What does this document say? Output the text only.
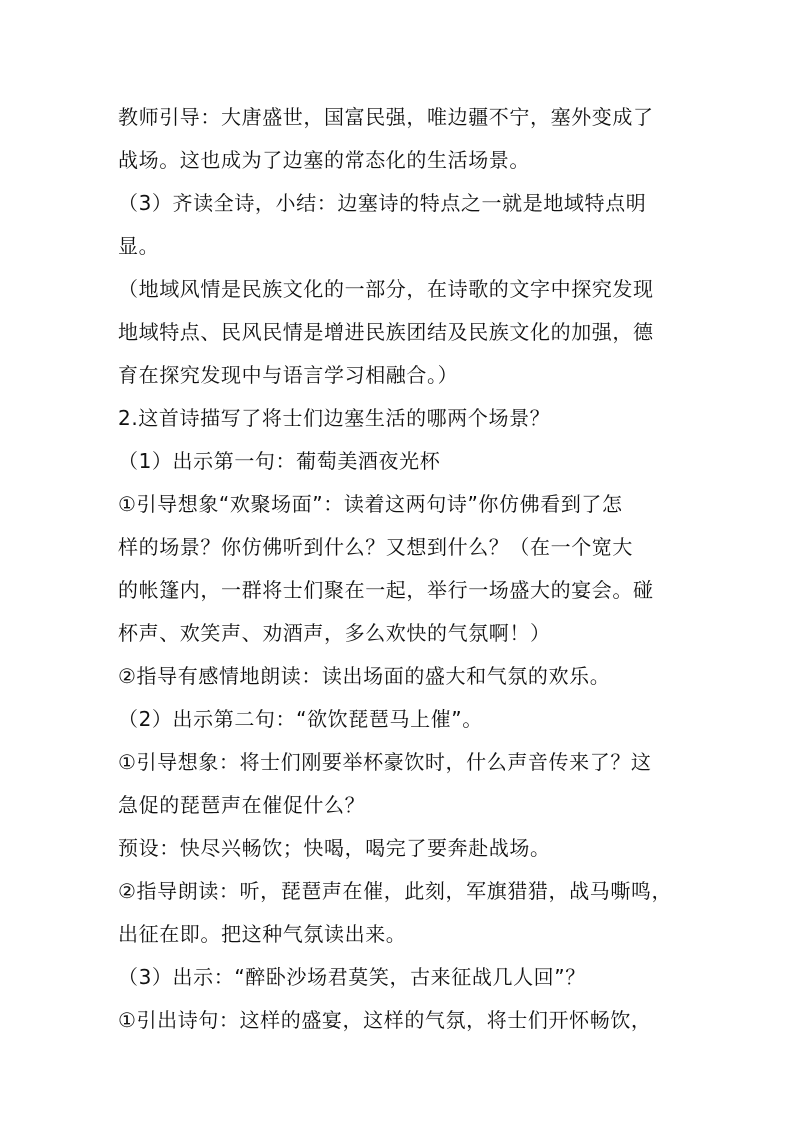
教师引导：大唐盛世，国富民强，唯边疆不宁，塞外变成了
战场。这也成为了边塞的常态化的生活场景。
（3）齐读全诗，小结：边塞诗的特点之一就是地域特点明
显。
（地域风情是民族文化的一部分，在诗歌的文字中探究发现
地域特点、民风民情是增进民族团结及民族文化的加强，德
育在探究发现中与语言学习相融合。）
2.这首诗描写了将士们边塞生活的哪两个场景？
（1）出示第一句：葡萄美酒夜光杯
①引导想象“欢聚场面”：读着这两句诗”你仿佛看到了怎
样的场景？你仿佛听到什么？又想到什么？（在一个宽大
的帐篷内，一群将士们聚在一起，举行一场盛大的宴会。碰
杯声、欢笑声、劝酒声，多么欢快的气氛啊！）
②指导有感情地朗读：读出场面的盛大和气氛的欢乐。
（2）出示第二句：“欲饮琵琶马上催”。
①引导想象：将士们刚要举杯豪饮时，什么声音传来了？这
急促的琵琶声在催促什么？
预设：快尽兴畅饮；快喝，喝完了要奔赴战场。
②指导朗读：听，琵琶声在催，此刻，军旗猎猎，战马嘶鸣，
出征在即。把这种气氛读出来。
（3）出示：“醉卧沙场君莫笑，古来征战几人回”？
①引出诗句：这样的盛宴，这样的气氛，将士们开怀畅饮，
